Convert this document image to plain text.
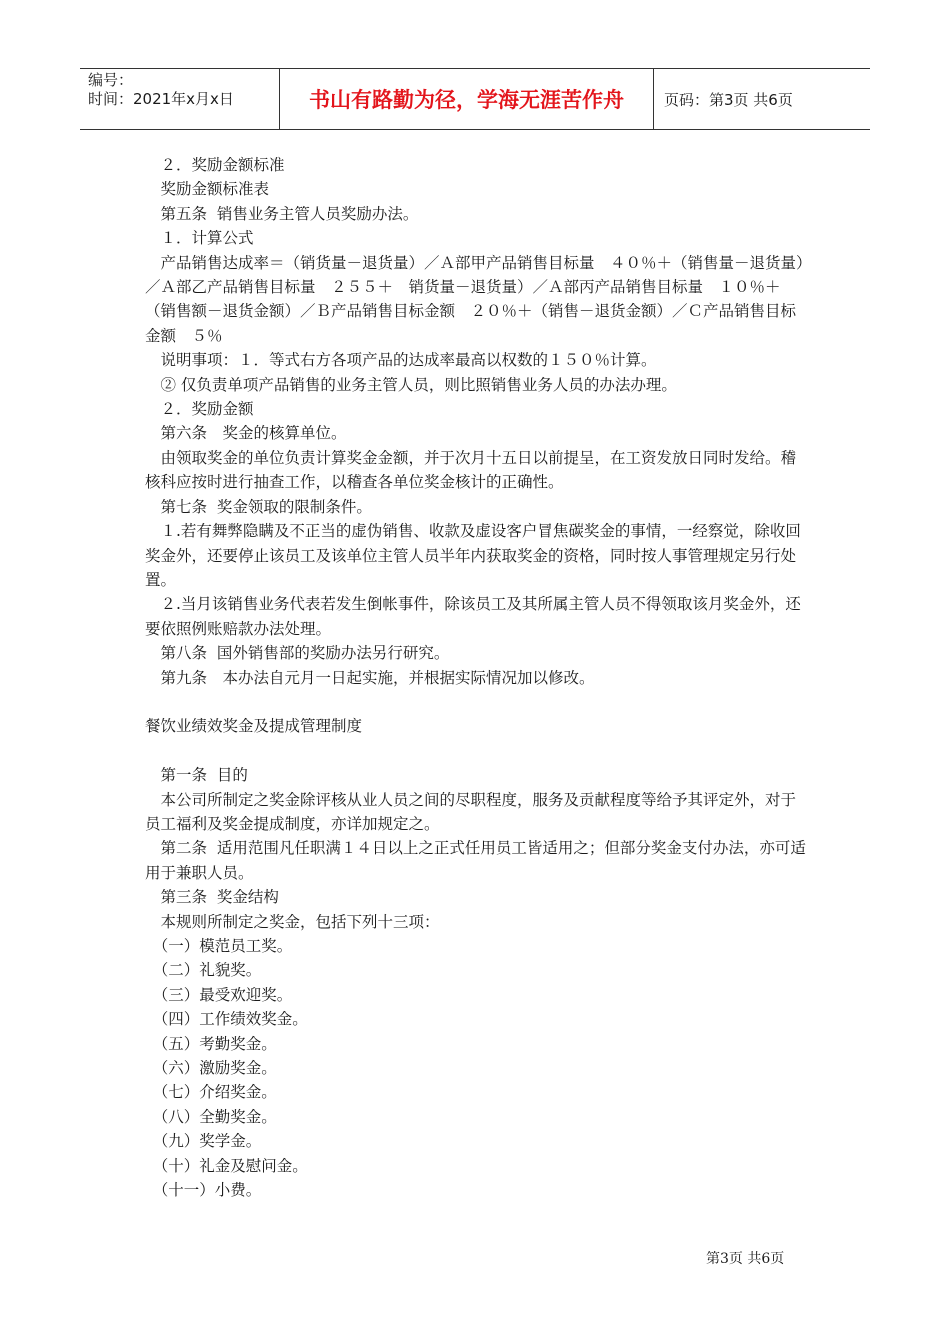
编号：
时间：2021年x月x日	书山有路勤为径，学海无涯苦作舟	页码：第3页 共6页

　２．奖励金额标准

　奖励金额标准表

　第五条  销售业务主管人员奖励办法。

　１．计算公式

　产品销售达成率＝（销货量－退货量）／Ａ部甲产品销售目标量　４０％＋（销售量－退货量）／Ａ部乙产品销售目标量　２５５＋　销货量－退货量）／Ａ部丙产品销售目标量　１０％＋（销售额－退货金额）／Ｂ产品销售目标金额　２０％＋（销售－退货金额）／Ｃ产品销售目标金额　５％

　说明事项：１．等式右方各项产品的达成率最高以权数的１５０％计算。

　② 仅负责单项产品销售的业务主管人员，则比照销售业务人员的办法办理。

　２．奖励金额

　第六条　奖金的核算单位。

　由领取奖金的单位负责计算奖金金额，并于次月十五日以前提呈，在工资发放日同时发给。稽核科应按时进行抽查工作，以稽查各单位奖金核计的正确性。

　第七条  奖金领取的限制条件。

　１.若有舞弊隐瞒及不正当的虚伪销售、收款及虚设客户冒焦碳奖金的事情，一经察觉，除收回奖金外，还要停止该员工及该单位主管人员半年内获取奖金的资格，同时按人事管理规定另行处置。

　２.当月该销售业务代表若发生倒帐事件，除该员工及其所属主管人员不得领取该月奖金外，还要依照例账赔款办法处理。

　第八条  国外销售部的奖励办法另行研究。

　第九条　本办法自元月一日起实施，并根据实际情况加以修改。

餐饮业绩效奖金及提成管理制度

　第一条  目的

　本公司所制定之奖金除评核从业人员之间的尽职程度，服务及贡献程度等给予其评定外，对于员工福利及奖金提成制度，亦详加规定之。

　第二条  适用范围凡任职满１４日以上之正式任用员工皆适用之；但部分奖金支付办法，亦可适用于兼职人员。

　第三条  奖金结构

　本规则所制定之奖金，包括下列十三项：

　（一）模范员工奖。

　（二）礼貌奖。

　（三）最受欢迎奖。

　（四）工作绩效奖金。

　（五）考勤奖金。

　（六）激励奖金。

　（七）介绍奖金。

　（八）全勤奖金。

　（九）奖学金。

　（十）礼金及慰问金。

　（十一）小费。

第3页 共6页
